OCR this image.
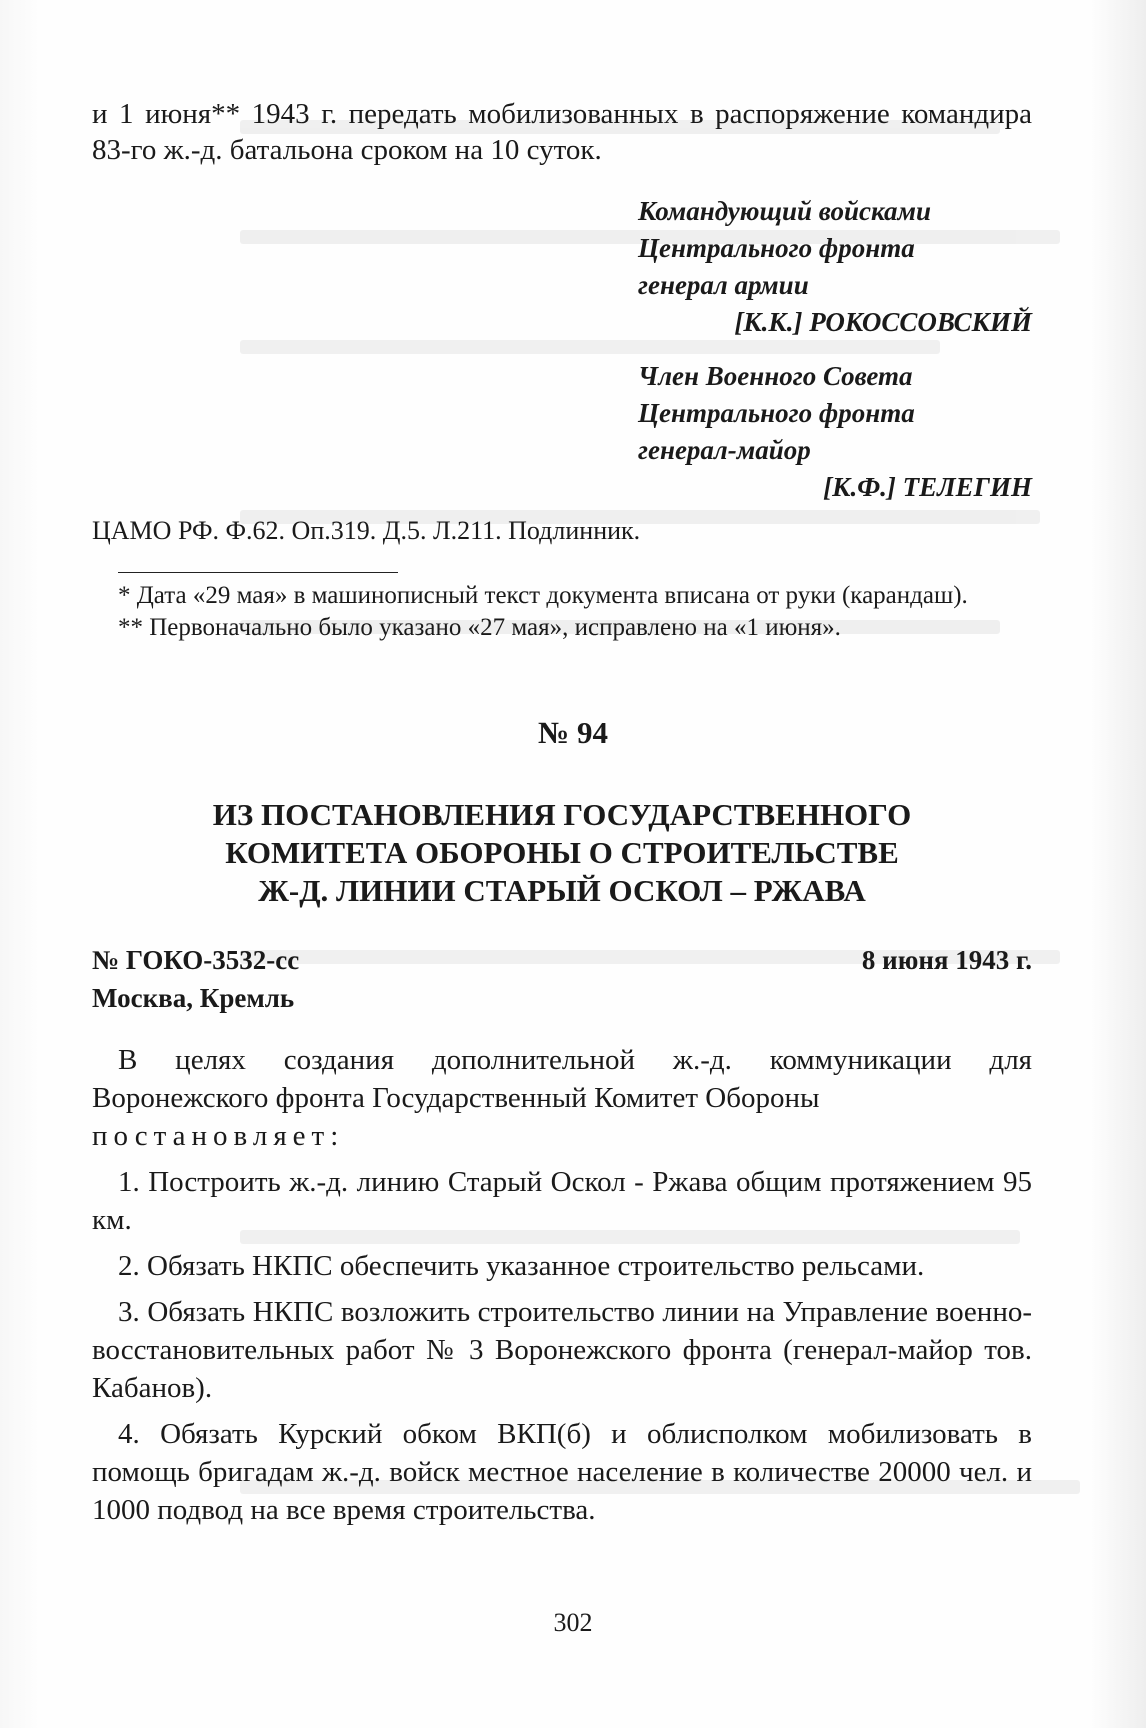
и 1 июня** 1943 г. передать мобилизованных в распоряжение командира 83-го ж.-д. батальона сроком на 10 суток.

Командующий войсками

Центрального фронта

генерал армии

[К.К.] РОКОССОВСКИЙ

Член Военного Совета

Центрального фронта

генерал-майор

[К.Ф.] ТЕЛЕГИН

ЦАМО РФ. Ф.62. Оп.319. Д.5. Л.211. Подлинник.

* Дата «29 мая» в машинописный текст документа вписана от руки (карандаш).

** Первоначально было указано «27 мая», исправлено на «1 июня».

№ 94

ИЗ ПОСТАНОВЛЕНИЯ ГОСУДАРСТВЕННОГО

КОМИТЕТА ОБОРОНЫ О СТРОИТЕЛЬСТВЕ

Ж-Д. ЛИНИИ СТАРЫЙ ОСКОЛ – РЖАВА

№ ГОКО-3532-сс	8 июня 1943 г.
Москва, Кремль

В целях создания дополнительной ж.-д. коммуникации для Воронежского фронта Государственный Комитет Обороны

постановляет:

1. Построить ж.-д. линию Старый Оскол - Ржава общим протяжением 95 км.

2. Обязать НКПС обеспечить указанное строительство рельсами.

3. Обязать НКПС возложить строительство линии на Управление военно-восстановительных работ № 3 Воронежского фронта (генерал-майор тов. Кабанов).

4. Обязать Курский обком ВКП(б) и облисполком мобилизовать в помощь бригадам ж.-д. войск местное население в количестве 20000 чел. и 1000 подвод на все время строительства.

302
